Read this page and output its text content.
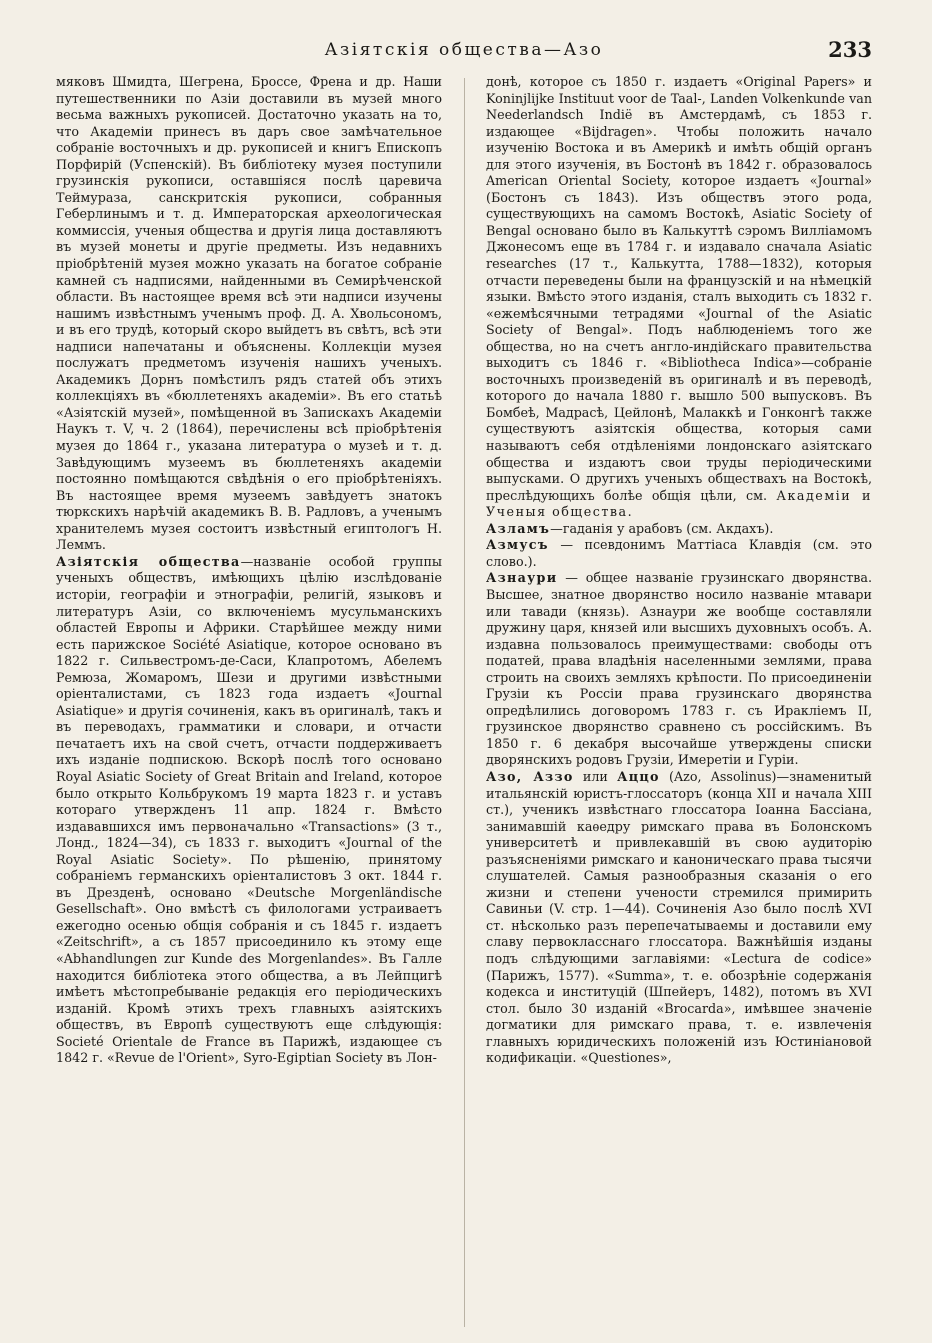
Азіятскія общества—Азо	233

мяковъ Шмидта, Шегрена, Броссе, Френа и др. Наши путешественники по Азіи доставили въ музей много весьма важныхъ рукописей. Достаточно указать на то, что Академіи принесъ въ даръ свое замѣчательное собраніе восточныхъ и др. рукописей и книгъ Епископъ Порфирій (Успенскій). Въ библіотеку музея поступили грузинскія рукописи, оставшіяся послѣ царевича Теймураза, санскритскія рукописи, собранныя Геберлинымъ и т. д. Императорская археологическая коммиссія, ученыя общества и другія лица доставляютъ въ музей монеты и другіе предметы. Изъ недавнихъ пріобрѣтеній музея можно указать на богатое собраніе камней съ надписями, найденными въ Семирѣченской области. Въ настоящее время всѣ эти надписи изучены нашимъ извѣстнымъ ученымъ проф. Д. А. Хвольсономъ, и въ его трудѣ, который скоро выйдетъ въ свѣтъ, всѣ эти надписи напечатаны и объяснены. Коллекціи музея послужатъ предметомъ изученія нашихъ ученыхъ. Академикъ Дорнъ помѣстилъ рядъ статей объ этихъ коллекціяхъ въ «бюллетеняхъ академіи». Въ его статьѣ «Азіятскій музей», помѣщенной въ Запискахъ Академіи Наукъ т. V, ч. 2 (1864), перечислены всѣ пріобрѣтенія музея до 1864 г., указана литература о музеѣ и т. д. Завѣдующимъ музеемъ въ бюллетеняхъ академіи постоянно помѣщаются свѣдѣнія о его пріобрѣтеніяхъ. Въ настоящее время музеемъ завѣдуетъ знатокъ тюркскихъ нарѣчій академикъ В. В. Радловъ, а ученымъ хранителемъ музея состоитъ извѣстный египтологъ Н. Леммъ.

Азіятскія общества—названіе особой группы ученыхъ обществъ, имѣющихъ цѣлію изслѣдованіе исторіи, географіи и этнографіи, религій, языковъ и литературъ Азіи, со включеніемъ мусульманскихъ областей Европы и Африки. Старѣйшее между ними есть парижское Société Asiatique, которое основано въ 1822 г. Сильвестромъ-де-Саси, Клапротомъ, Абелемъ Ремюза, Жомаромъ, Шези и другими извѣстными оріенталистами, съ 1823 года издаетъ «Journal Asiatique» и другія сочиненія, какъ въ оригиналѣ, такъ и въ переводахъ, грамматики и словари, и отчасти печатаетъ ихъ на свой счетъ, отчасти поддерживаетъ ихъ изданіе подпискою. Вскорѣ послѣ того основано Royal Asiatic Society of Great Britain and Ireland, которое было открыто Кольбрукомъ 19 марта 1823 г. и уставъ котораго утвержденъ 11 апр. 1824 г. Вмѣсто издававшихся имъ первоначально «Transactions» (3 т., Лонд., 1824—34), съ 1833 г. выходитъ «Journal of the Royal Asiatic Society». По рѣшенію, принятому собраніемъ германскихъ оріенталистовъ 3 окт. 1844 г. въ Дрезденѣ, основано «Deutsche Morgenländische Gesellschaft». Оно вмѣстѣ съ филологами устраиваетъ ежегодно осенью общія собранія и съ 1845 г. издаетъ «Zeitschrift», а съ 1857 присоединило къ этому еще «Abhandlungen zur Kunde des Morgenlandes». Въ Галле находится библіотека этого общества, а въ Лейпцигѣ имѣетъ мѣстопребываніе редакція его періодическихъ изданій. Кромѣ этихъ трехъ главныхъ азіятскихъ обществъ, въ Европѣ существуютъ еще слѣдующія: Societé Orientale de France въ Парижѣ, издающее съ 1842 г. «Revue de l'Orient», Syro-Egiptian Society въ Лон-

донѣ, которое съ 1850 г. издаетъ «Original Papers» и Koninjlijke Instituut voor de Taal-, Landen Volkenkunde van Neederlandsch Indië въ Амстердамѣ, съ 1853 г. издающее «Bijdragen». Чтобы положить начало изученію Востока и въ Америкѣ и имѣть общій органъ для этого изученія, въ Бостонѣ въ 1842 г. образовалось American Oriental Society, которое издаетъ «Journal» (Бостонъ съ 1843). Изъ обществъ этого рода, существующихъ на самомъ Востокѣ, Asiatic Society of Bengal основано было въ Калькуттѣ сэромъ Вилліамомъ Джонесомъ еще въ 1784 г. и издавало сначала Asiatic researches (17 т., Калькутта, 1788—1832), которыя отчасти переведены были на французскій и на нѣмецкій языки. Вмѣсто этого изданія, сталъ выходить съ 1832 г. «ежемѣсячными тетрадями «Journal of the Asiatic Society of Bengal». Подъ наблюденіемъ того же общества, но на счетъ англо-индійскаго правительства выходитъ съ 1846 г. «Bibliotheca Indica»—собраніе восточныхъ произведеній въ оригиналѣ и въ переводѣ, которого до начала 1880 г. вышло 500 выпусковъ. Въ Бомбеѣ, Мадрасѣ, Цейлонѣ, Малаккѣ и Гонконгѣ также существуютъ азіятскія общества, которыя сами называютъ себя отдѣленіями лондонскаго азіятскаго общества и издаютъ свои труды періодическими выпусками. О другихъ ученыхъ обществахъ на Востокѣ, преслѣдующихъ болѣе общія цѣли, см. Академіи и Ученыя общества.

Азламъ—гаданія у арабовъ (см. Акдахъ).

Азмусъ — псевдонимъ Маттіаса Клавдія (см. это слово.).

Азнаури — общее названіе грузинскаго дворянства. Высшее, знатное дворянство носило названіе мтавари или тавади (князь). Азнаури же вообще составляли дружину царя, князей или высшихъ духовныхъ особъ. А. издавна пользовалось преимуществами: свободы отъ податей, права владѣнія населенными землями, права строить на своихъ земляхъ крѣпости. По присоединеніи Грузіи къ Россіи права грузинскаго дворянства опредѣлились договоромъ 1783 г. съ Ираклiемъ II, грузинское дворянство сравнено съ россійскимъ. Въ 1850 г. 6 декабря высочайше утверждены списки дворянскихъ родовъ Грузіи, Имеретіи и Гуріи.

Азо, Аззо или Аццо (Azo, Assolinus)—знаменитый итальянскій юристъ-глоссаторъ (конца XII и начала XIII ст.), ученикъ извѣстнаго глоссатора Іоанна Бассіана, занимавшій каѳедру римскаго права въ Болонскомъ университетѣ и привлекавшій въ свою аудиторію разъясненіями римскаго и каноническаго права тысячи слушателей. Самыя разнообразныя сказанія о его жизни и степени учености стремился примирить Савиньи (V. стр. 1—44). Сочиненія Азо было послѣ XVI ст. нѣсколько разъ перепечатываемы и доставили ему славу первокласснаго глоссатора. Важнѣйшія изданы подъ слѣдующими заглавіями: «Lectura de codice» (Парижъ, 1577). «Summa», т. е. обозрѣніе содержанія кодекса и институцій (Шпейеръ, 1482), потомъ въ XVI стол. было 30 изданій «Brocarda», имѣвшее значеніе догматики для римскаго права, т. е. извлеченія главныхъ юридическихъ положеній изъ Юстиніановой кодификаціи. «Questiones»,
